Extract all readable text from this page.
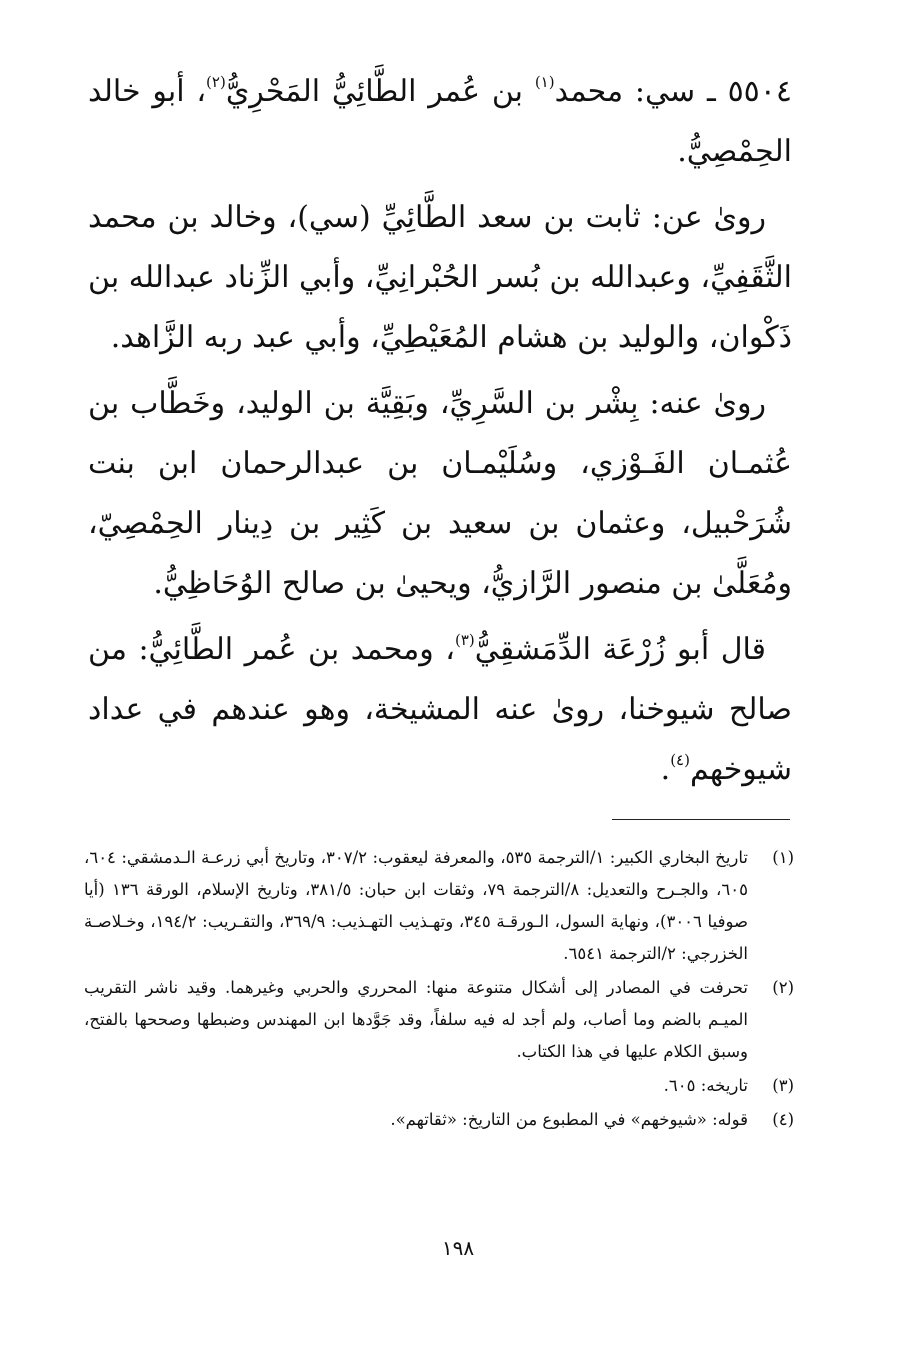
٥٥٠٤ ـ سي: محمد$^{(١)}$ بن عُمر الطَّائِيُّ المَحْرِيُّ$^{(٢)}$، أبو خالد الحِمْصِيُّ.

روىٰ عن: ثابت بن سعد الطَّائِيِّ (سي)، وخالد بن محمد الثَّقَفِيِّ، وعبدالله بن بُسر الحُبْرانِيِّ، وأبي الزِّناد عبدالله بن ذَكْوان، والوليد بن هشام المُعَيْطِيِّ، وأبي عبد ربه الزَّاهد.

روىٰ عنه: بِشْر بن السَّرِيِّ، وبَقِيَّة بن الوليد، وخَطَّاب بن عُثمـان الفَـوْزي، وسُلَيْمـان بن عبدالرحمان ابن بنت شُرَحْبيل، وعثمان بن سعيد بن كَثِير بن دِينار الحِمْصِيّ، ومُعَلَّىٰ بن منصور الرَّازيُّ، ويحيىٰ بن صالح الوُحَاظِيُّ.

قال أبو زُرْعَة الدِّمَشقِيُّ$^{(٣)}$، ومحمد بن عُمر الطَّائِيُّ: من صالح شيوخنا، روىٰ عنه المشيخة، وهو عندهم في عداد شيوخهم$^{(٤)}$.

(١)
تاريخ البخاري الكبير: ١/الترجمة ٥٣٥، والمعرفة ليعقوب: ٣٠٧/٢، وتاريخ أبي زرعـة الـدمشقي: ٦٠٤، ٦٠٥، والجـرح والتعديل: ٨/الترجمة ٧٩، وثقات ابن حبان: ٣٨١/٥، وتاريخ الإسلام، الورقة ١٣٦ (أيا صوفيا ٣٠٠٦)، ونهاية السول، الـورقـة ٣٤٥، وتهـذيب التهـذيب: ٣٦٩/٩، والتقـريب: ١٩٤/٢، وخـلاصـة الخزرجي: ٢/الترجمة ٦٥٤١.
(٢)
تحرفت في المصادر إلى أشكال متنوعة منها: المحرري والحربي وغيرهما. وقيد ناشر التقريب الميـم بالضم وما أصاب، ولم أجد له فيه سلفاً، وقد جَوَّدها ابن المهندس وضبطها وصححها بالفتح، وسبق الكلام عليها في هذا الكتاب.
(٣)
تاريخه: ٦٠٥.
(٤)
قوله: «شيوخهم» في المطبوع من التاريخ: «ثقاتهم».
١٩٨
